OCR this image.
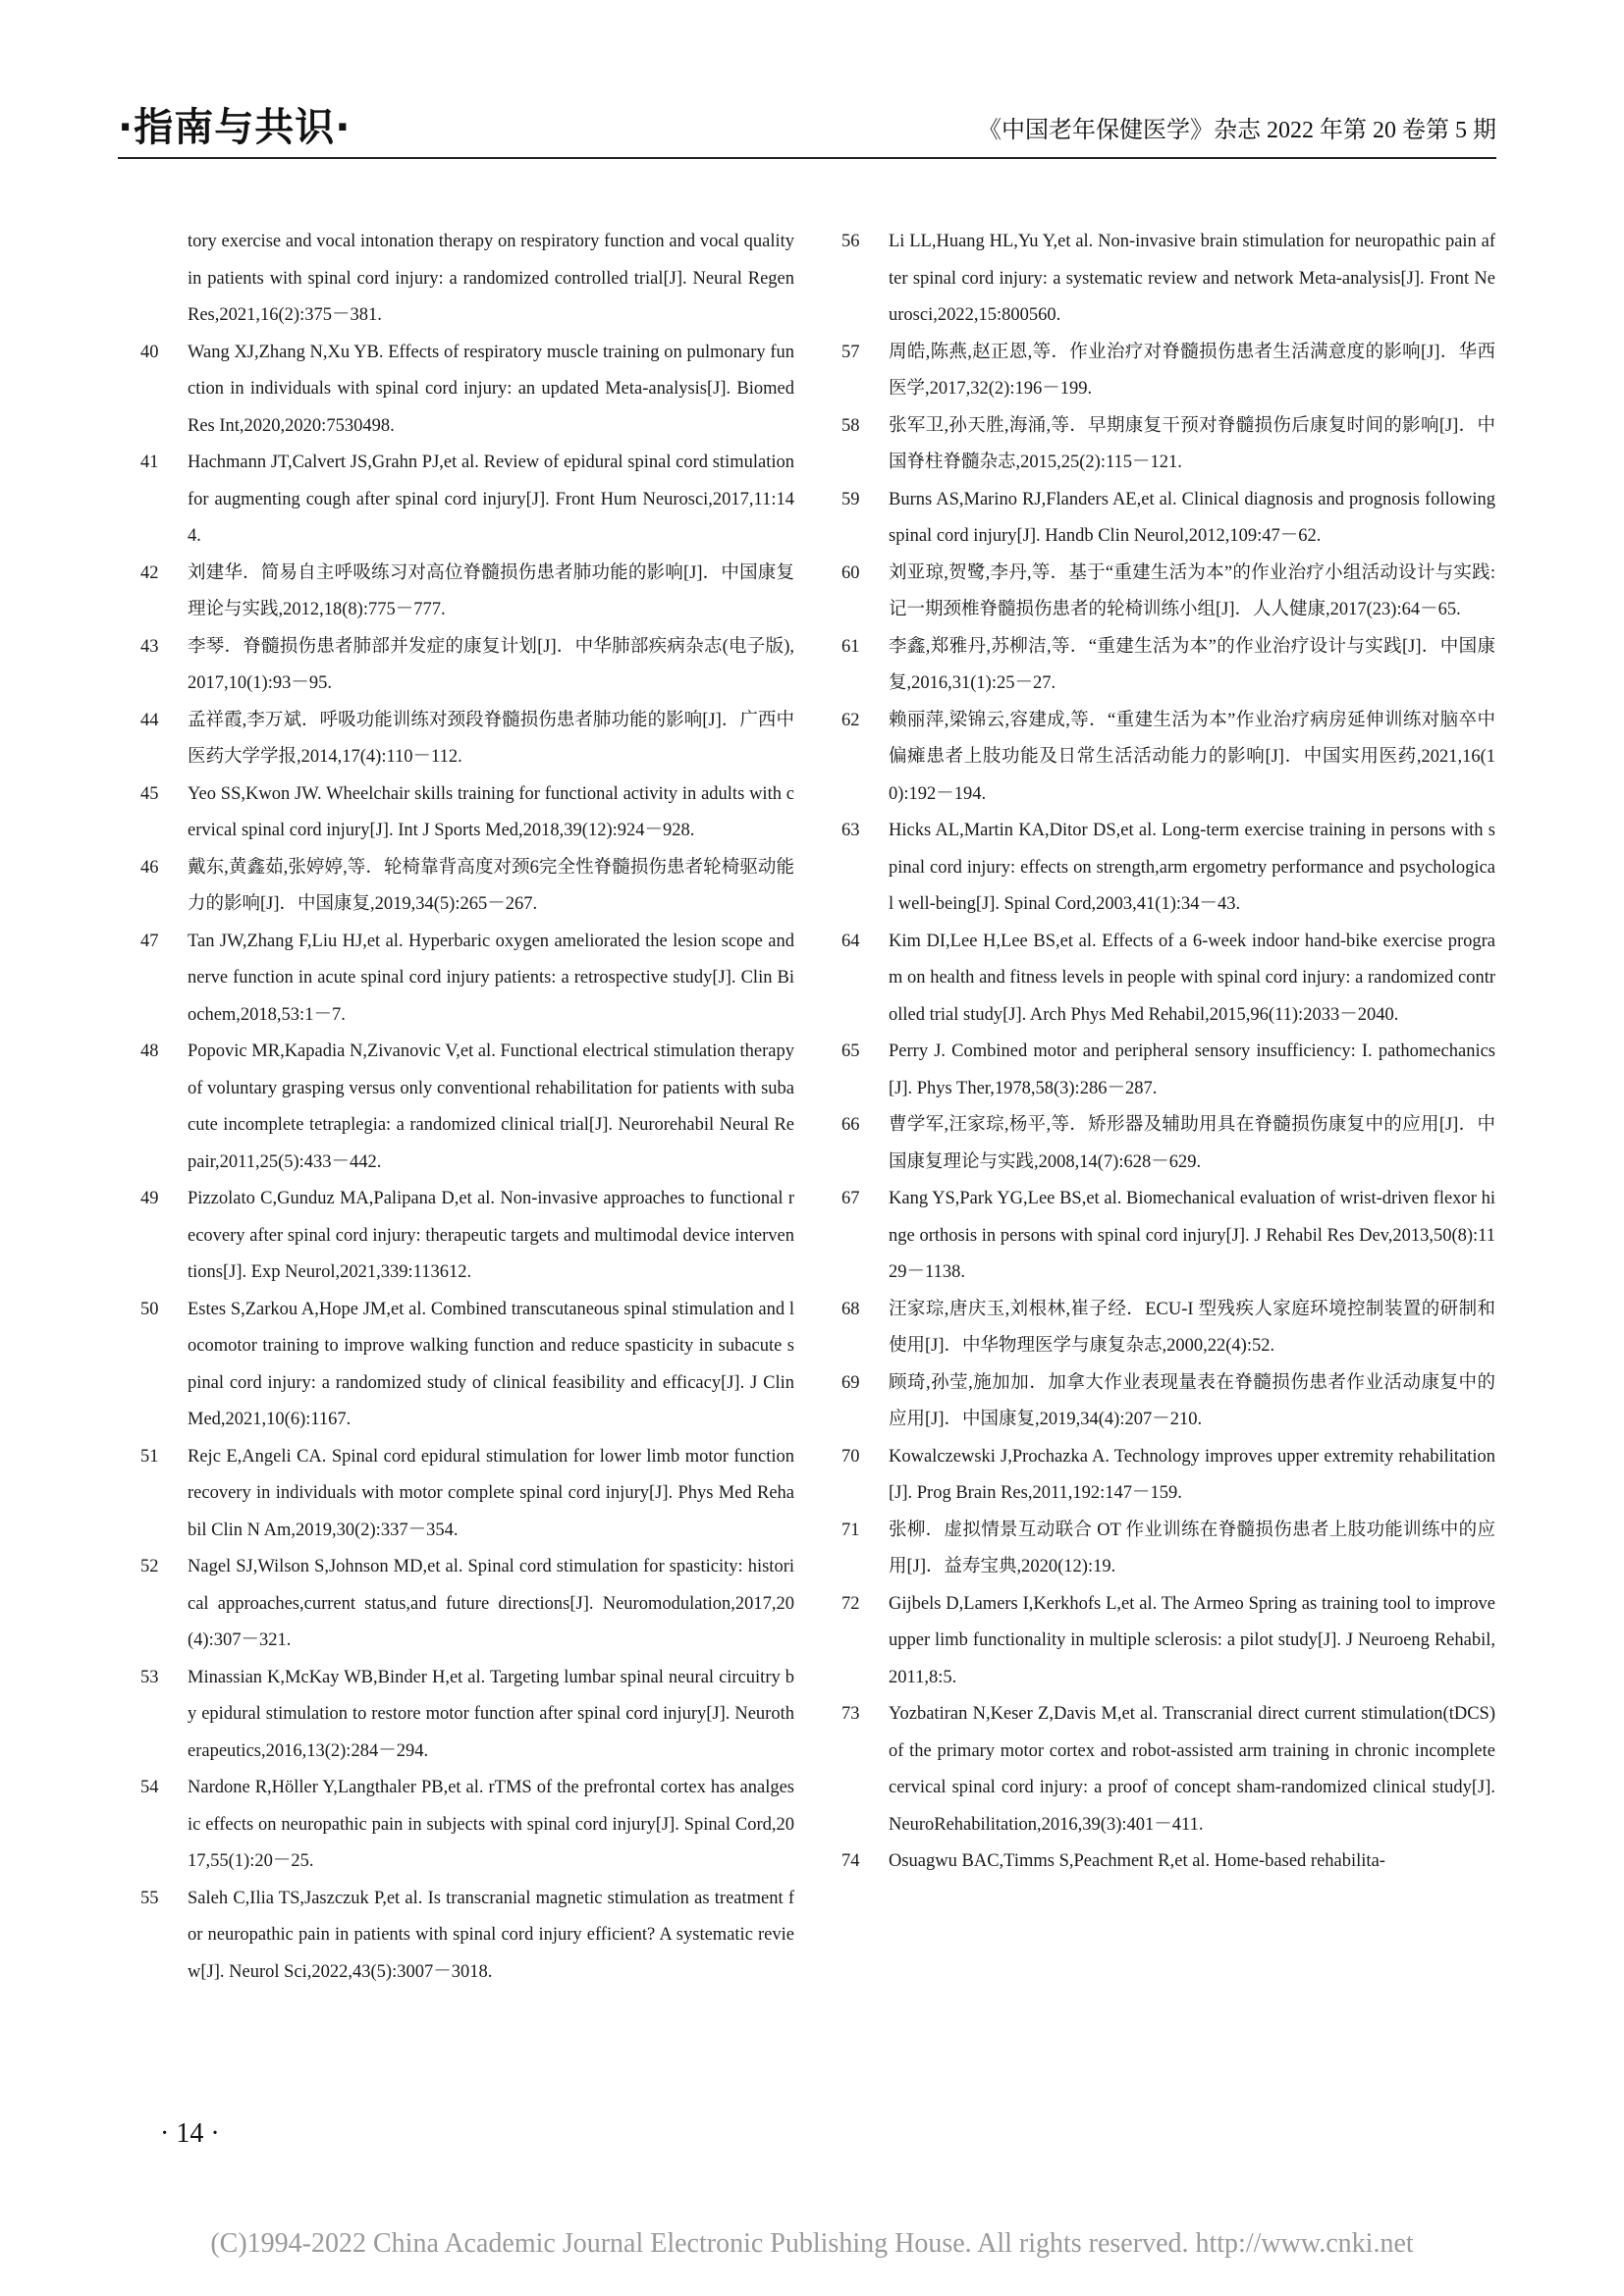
·指南与共识·	《中国老年保健医学》杂志 2022 年第 20 卷第 5 期

tory exercise and vocal intonation therapy on respiratory function and vocal quality in patients with spinal cord injury: a randomized controlled trial[J]. Neural Regen Res,2021,16(2):375－381.

40	Wang XJ,Zhang N,Xu YB. Effects of respiratory muscle training on pulmonary function in individuals with spinal cord injury: an updated Meta-analysis[J]. Biomed Res Int,2020,2020:7530498.

41	Hachmann JT,Calvert JS,Grahn PJ,et al. Review of epidural spinal cord stimulation for augmenting cough after spinal cord injury[J]. Front Hum Neurosci,2017,11:144.

42	刘建华．简易自主呼吸练习对高位脊髓损伤患者肺功能的影响[J]．中国康复理论与实践,2012,18(8):775－777.

43	李琴．脊髓损伤患者肺部并发症的康复计划[J]．中华肺部疾病杂志(电子版),2017,10(1):93－95.

44	孟祥霞,李万斌．呼吸功能训练对颈段脊髓损伤患者肺功能的影响[J]．广西中医药大学学报,2014,17(4):110－112.

45	Yeo SS,Kwon JW. Wheelchair skills training for functional activity in adults with cervical spinal cord injury[J]. Int J Sports Med,2018,39(12):924－928.

46	戴东,黄鑫茹,张婷婷,等．轮椅靠背高度对颈6完全性脊髓损伤患者轮椅驱动能力的影响[J]．中国康复,2019,34(5):265－267.

47	Tan JW,Zhang F,Liu HJ,et al. Hyperbaric oxygen ameliorated the lesion scope and nerve function in acute spinal cord injury patients: a retrospective study[J]. Clin Biochem,2018,53:1－7.

48	Popovic MR,Kapadia N,Zivanovic V,et al. Functional electrical stimulation therapy of voluntary grasping versus only conventional rehabilitation for patients with subacute incomplete tetraplegia: a randomized clinical trial[J]. Neurorehabil Neural Repair,2011,25(5):433－442.

49	Pizzolato C,Gunduz MA,Palipana D,et al. Non-invasive approaches to functional recovery after spinal cord injury: therapeutic targets and multimodal device interventions[J]. Exp Neurol,2021,339:113612.

50	Estes S,Zarkou A,Hope JM,et al. Combined transcutaneous spinal stimulation and locomotor training to improve walking function and reduce spasticity in subacute spinal cord injury: a randomized study of clinical feasibility and efficacy[J]. J Clin Med,2021,10(6):1167.

51	Rejc E,Angeli CA. Spinal cord epidural stimulation for lower limb motor function recovery in individuals with motor complete spinal cord injury[J]. Phys Med Rehabil Clin N Am,2019,30(2):337－354.

52	Nagel SJ,Wilson S,Johnson MD,et al. Spinal cord stimulation for spasticity: historical approaches,current status,and future directions[J]. Neuromodulation,2017,20(4):307－321.

53	Minassian K,McKay WB,Binder H,et al. Targeting lumbar spinal neural circuitry by epidural stimulation to restore motor function after spinal cord injury[J]. Neurotherapeutics,2016,13(2):284－294.

54	Nardone R,Höller Y,Langthaler PB,et al. rTMS of the prefrontal cortex has analgesic effects on neuropathic pain in subjects with spinal cord injury[J]. Spinal Cord,2017,55(1):20－25.

55	Saleh C,Ilia TS,Jaszczuk P,et al. Is transcranial magnetic stimulation as treatment for neuropathic pain in patients with spinal cord injury efficient? A systematic review[J]. Neurol Sci,2022,43(5):3007－3018.

56	Li LL,Huang HL,Yu Y,et al. Non-invasive brain stimulation for neuropathic pain after spinal cord injury: a systematic review and network Meta-analysis[J]. Front Neurosci,2022,15:800560.

57	周皓,陈燕,赵正恩,等．作业治疗对脊髓损伤患者生活满意度的影响[J]．华西医学,2017,32(2):196－199.

58	张军卫,孙天胜,海涌,等．早期康复干预对脊髓损伤后康复时间的影响[J]．中国脊柱脊髓杂志,2015,25(2):115－121.

59	Burns AS,Marino RJ,Flanders AE,et al. Clinical diagnosis and prognosis following spinal cord injury[J]. Handb Clin Neurol,2012,109:47－62.

60	刘亚琼,贺鹭,李丹,等．基于“重建生活为本”的作业治疗小组活动设计与实践:记一期颈椎脊髓损伤患者的轮椅训练小组[J]．人人健康,2017(23):64－65.

61	李鑫,郑雅丹,苏柳洁,等．“重建生活为本”的作业治疗设计与实践[J]．中国康复,2016,31(1):25－27.

62	赖丽萍,梁锦云,容建成,等．“重建生活为本”作业治疗病房延伸训练对脑卒中偏瘫患者上肢功能及日常生活活动能力的影响[J]．中国实用医药,2021,16(10):192－194.

63	Hicks AL,Martin KA,Ditor DS,et al. Long-term exercise training in persons with spinal cord injury: effects on strength,arm ergometry performance and psychological well-being[J]. Spinal Cord,2003,41(1):34－43.

64	Kim DI,Lee H,Lee BS,et al. Effects of a 6-week indoor hand-bike exercise program on health and fitness levels in people with spinal cord injury: a randomized controlled trial study[J]. Arch Phys Med Rehabil,2015,96(11):2033－2040.

65	Perry J. Combined motor and peripheral sensory insufficiency: I. pathomechanics[J]. Phys Ther,1978,58(3):286－287.

66	曹学军,汪家琮,杨平,等．矫形器及辅助用具在脊髓损伤康复中的应用[J]．中国康复理论与实践,2008,14(7):628－629.

67	Kang YS,Park YG,Lee BS,et al. Biomechanical evaluation of wrist-driven flexor hinge orthosis in persons with spinal cord injury[J]. J Rehabil Res Dev,2013,50(8):1129－1138.

68	汪家琮,唐庆玉,刘根林,崔子经．ECU-I 型残疾人家庭环境控制装置的研制和使用[J]．中华物理医学与康复杂志,2000,22(4):52.

69	顾琦,孙莹,施加加．加拿大作业表现量表在脊髓损伤患者作业活动康复中的应用[J]．中国康复,2019,34(4):207－210.

70	Kowalczewski J,Prochazka A. Technology improves upper extremity rehabilitation[J]. Prog Brain Res,2011,192:147－159.

71	张柳．虚拟情景互动联合 OT 作业训练在脊髓损伤患者上肢功能训练中的应用[J]．益寿宝典,2020(12):19.

72	Gijbels D,Lamers I,Kerkhofs L,et al. The Armeo Spring as training tool to improve upper limb functionality in multiple sclerosis: a pilot study[J]. J Neuroeng Rehabil,2011,8:5.

73	Yozbatiran N,Keser Z,Davis M,et al. Transcranial direct current stimulation(tDCS) of the primary motor cortex and robot-assisted arm training in chronic incomplete cervical spinal cord injury: a proof of concept sham-randomized clinical study[J]. NeuroRehabilitation,2016,39(3):401－411.

74	Osuagwu BAC,Timms S,Peachment R,et al. Home-based rehabilita-

· 14 ·
(C)1994-2022 China Academic Journal Electronic Publishing House. All rights reserved. http://www.cnki.net
